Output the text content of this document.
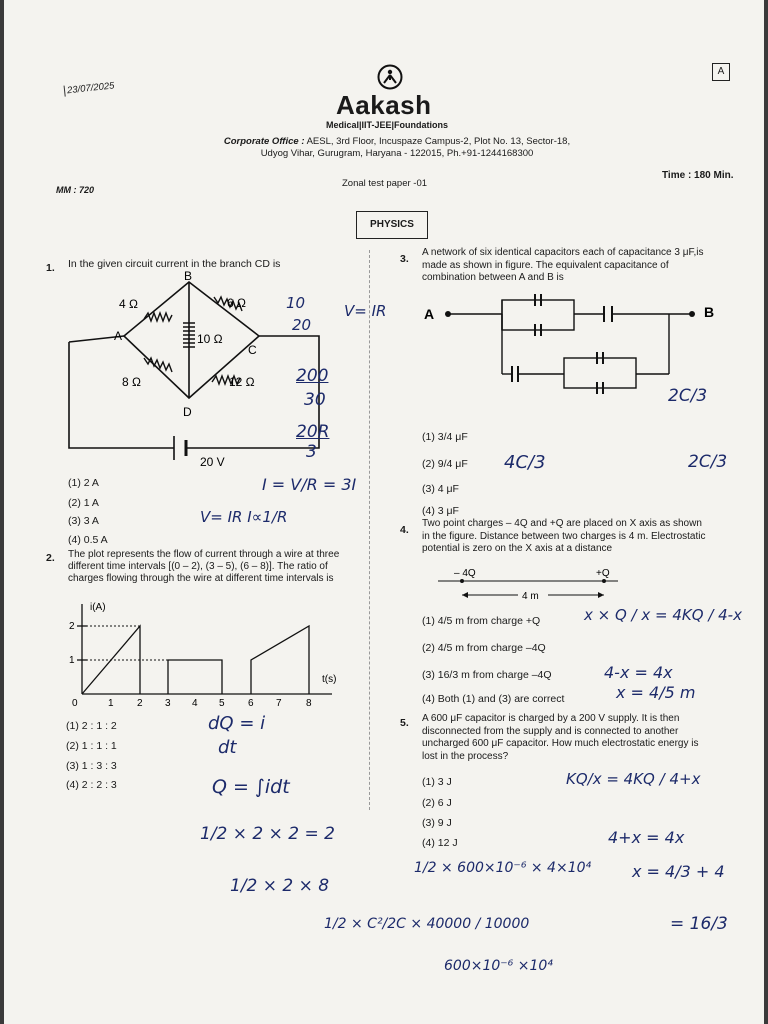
23/07/2025
A
Aakash
Medical|IIT-JEE|Foundations
Corporate Office : AESL, 3rd Floor, Incuspaze Campus-2, Plot No. 13, Sector-18,
Udyog Vihar, Gurugram, Haryana - 122015, Ph.+91-1244168300
MM : 720
Zonal test paper -01
Time : 180 Min.
PHYSICS
1. In the given circuit current in the branch CD is
B
A
C
D
4 Ω	6 Ω
10 Ω
8 Ω	12 Ω
20 V
(1) 2 A
(2) 1 A
(3) 3 A
(4) 0.5 A
2. The plot represents the flow of current through a wire at three different time intervals [(0 – 2), (3 – 5), (6 – 8)]. The ratio of charges flowing through the wire at different time intervals is
i(A)
t(s)
1
2
0	1 2 3 4 5 6 7 8
(1) 2 : 1 : 2
(2) 1 : 1 : 1
(3) 1 : 3 : 3
(4) 2 : 2 : 3
3.
A network of six identical capacitors each of capacitance 3 μF,is made as shown in figure. The equivalent capacitance of combination between A and B is
A	B
(1) 3/4 μF
(2) 9/4 μF
(3) 4 μF
(4) 3 μF
4.
Two point charges – 4Q and +Q are placed on X axis as shown in the figure. Distance between two charges is 4 m. Electrostatic potential is zero on the X axis at a distance
– 4Q	+Q
4 m
(1) 4/5 m from charge +Q
(2) 4/5 m from charge –4Q
(3) 16/3 m from charge –4Q
(4) Both (1) and (3) are correct
5. A 600 μF capacitor is charged by a 200 V supply. It is then disconnected from the supply and is connected to another uncharged 600 μF capacitor. How much electrostatic energy is lost in the process?
(1) 3 J
(2) 6 J
(3) 9 J
(4) 12 J
10
20
V= IR
200
30
20R
3
I = V/R = 3I
V= IR I∝1/R
dQ = i
dt
Q = ∫idt
1/2 × 2 × 2 = 2
1/2 × 2 × 8
2C/3
4C/3	2C/3
x × Q / x = 4KQ / 4-x
4-x = 4x
x = 4/5 m
KQ/x = 4KQ / 4+x
4+x = 4x
x = 4/3 + 4
= 16/3
1/2 × 600×10⁻⁶ × 4×10⁴
1/2 × C²/2C × 40000 / 10000
600×10⁻⁶ ×10⁴
